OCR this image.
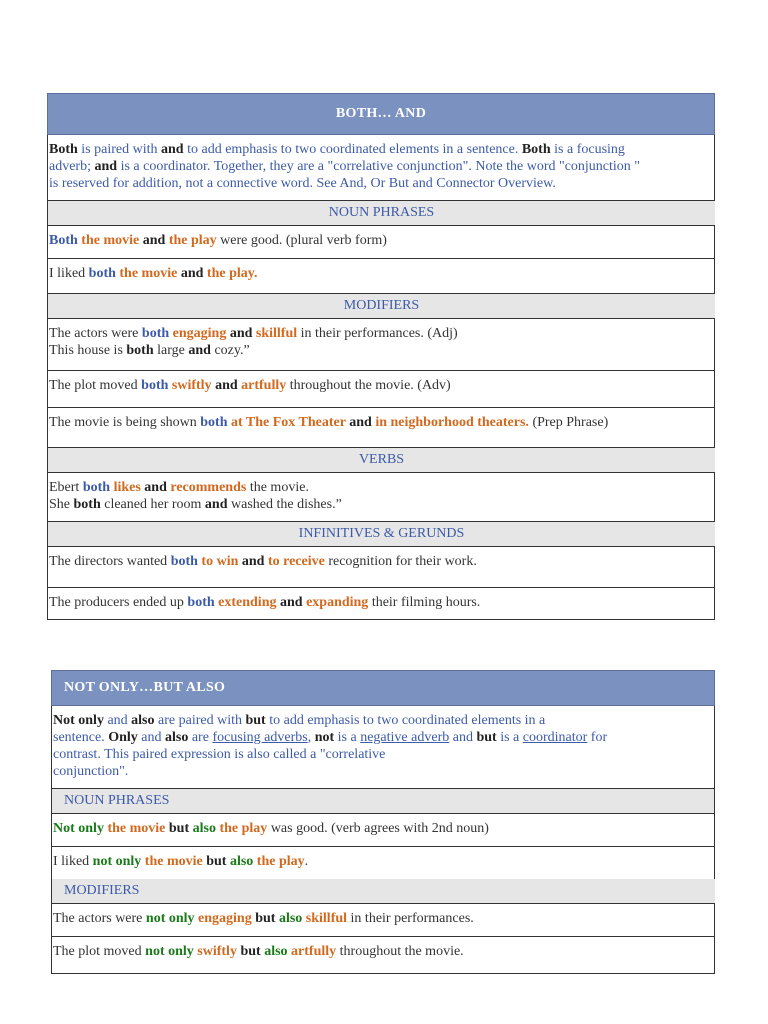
BOTH… AND
Both is paired with and to add emphasis to two coordinated elements in a sentence. Both is a focusing
adverb; and is a coordinator. Together, they are a "correlative conjunction". Note the word "conjunction "
is reserved for addition, not a connective word. See And, Or But and Connector Overview.
NOUN PHRASES
Both the movie and the play were good. (plural verb form)
I liked both the movie and the play.
MODIFIERS
The actors were both engaging and skillful in their performances. (Adj)
This house is both large and cozy.”
The plot moved both swiftly and artfully throughout the movie. (Adv)
The movie is being shown both at The Fox Theater and in neighborhood theaters. (Prep Phrase)
VERBS
Ebert both likes and recommends the movie.
She both cleaned her room and washed the dishes.”
INFINITIVES & GERUNDS
The directors wanted both to win and to receive recognition for their work.
The producers ended up both extending and expanding their filming hours.
NOT ONLY…BUT ALSO
Not only and also are paired with but to add emphasis to two coordinated elements in a
sentence. Only and also are focusing adverbs, not is a negative adverb and but is a coordinator for
contrast. This paired expression is also called a "correlative
conjunction".
NOUN PHRASES
Not only the movie but also the play was good. (verb agrees with 2nd noun)
I liked not only the movie but also the play.
MODIFIERS
The actors were not only engaging but also skillful in their performances.
The plot moved not only swiftly but also artfully throughout the movie.
